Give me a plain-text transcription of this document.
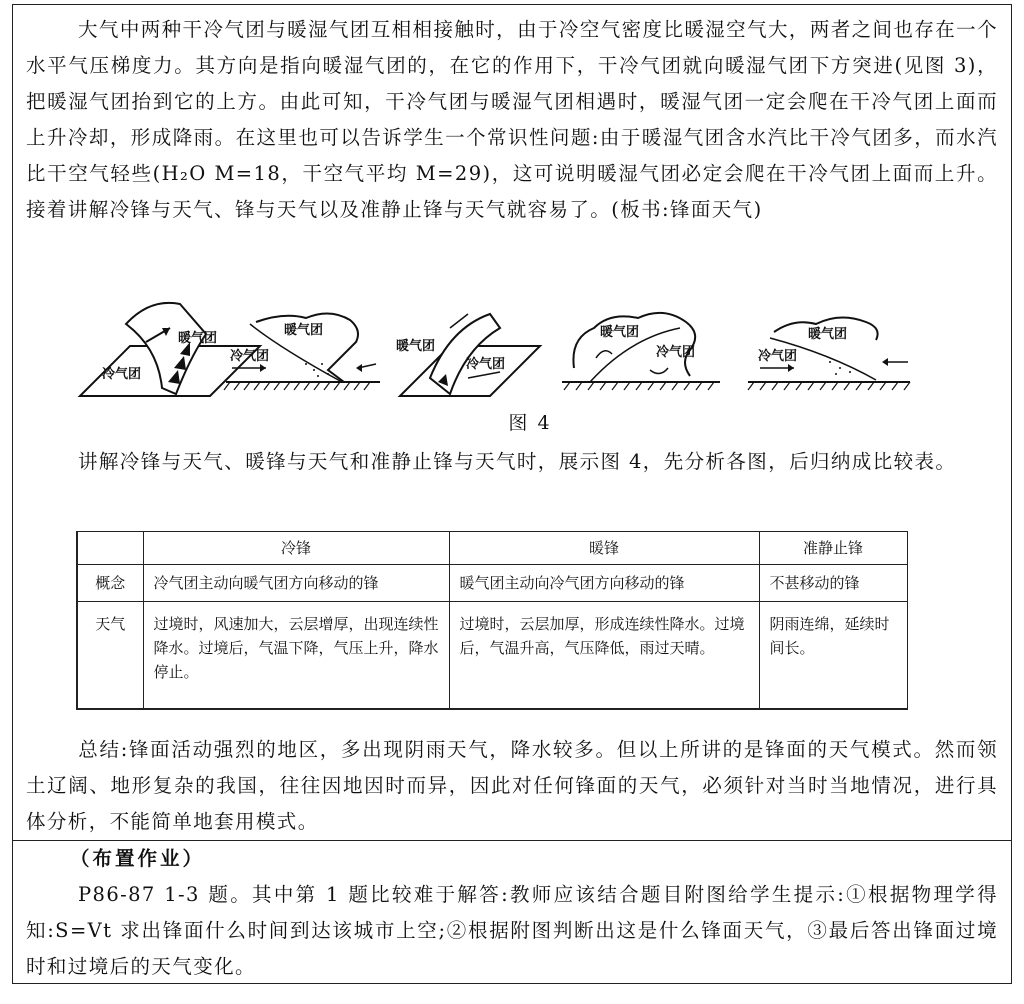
大气中两种干冷气团与暖湿气团互相相接触时，由于冷空气密度比暖湿空气大，两者之间也存在一个水平气压梯度力。其方向是指向暖湿气团的，在它的作用下，干冷气团就向暖湿气团下方突进(见图 3)，把暖湿气团抬到它的上方。由此可知，干冷气团与暖湿气团相遇时，暖湿气团一定会爬在干冷气团上面而上升冷却，形成降雨。在这里也可以告诉学生一个常识性问题:由于暖湿气团含水汽比干冷气团多，而水汽比干空气轻些(H₂O M=18，干空气平均 M=29)，这可说明暖湿气团必定会爬在干冷气团上面而上升。接着讲解冷锋与天气、锋与天气以及准静止锋与天气就容易了。(板书:锋面天气)

暖气团
冷气团
暖气团
冷气团
暖气团
冷气团
暖气团
冷气团
暖气团
冷气团
图 4

讲解冷锋与天气、暖锋与天气和准静止锋与天气时，展示图 4，先分析各图，后归纳成比较表。

	冷锋	暖锋	准静止锋
概念	冷气团主动向暖气团方向移动的锋	暖气团主动向冷气团方向移动的锋	不甚移动的锋
天气	过境时，风速加大，云层增厚，出现连续性降水。过境后，气温下降，气压上升，降水停止。	过境时，云层加厚，形成连续性降水。过境后，气温升高，气压降低，雨过天晴。	阴雨连绵，延续时间长。

总结:锋面活动强烈的地区，多出现阴雨天气，降水较多。但以上所讲的是锋面的天气模式。然而领土辽阔、地形复杂的我国，往往因地因时而异，因此对任何锋面的天气，必须针对当时当地情况，进行具体分析，不能简单地套用模式。

（布置作业）

P86-87 1-3 题。其中第 1 题比较难于解答:教师应该结合题目附图给学生提示:①根据物理学得知:S=Vt 求出锋面什么时间到达该城市上空;②根据附图判断出这是什么锋面天气，③最后答出锋面过境时和过境后的天气变化。
